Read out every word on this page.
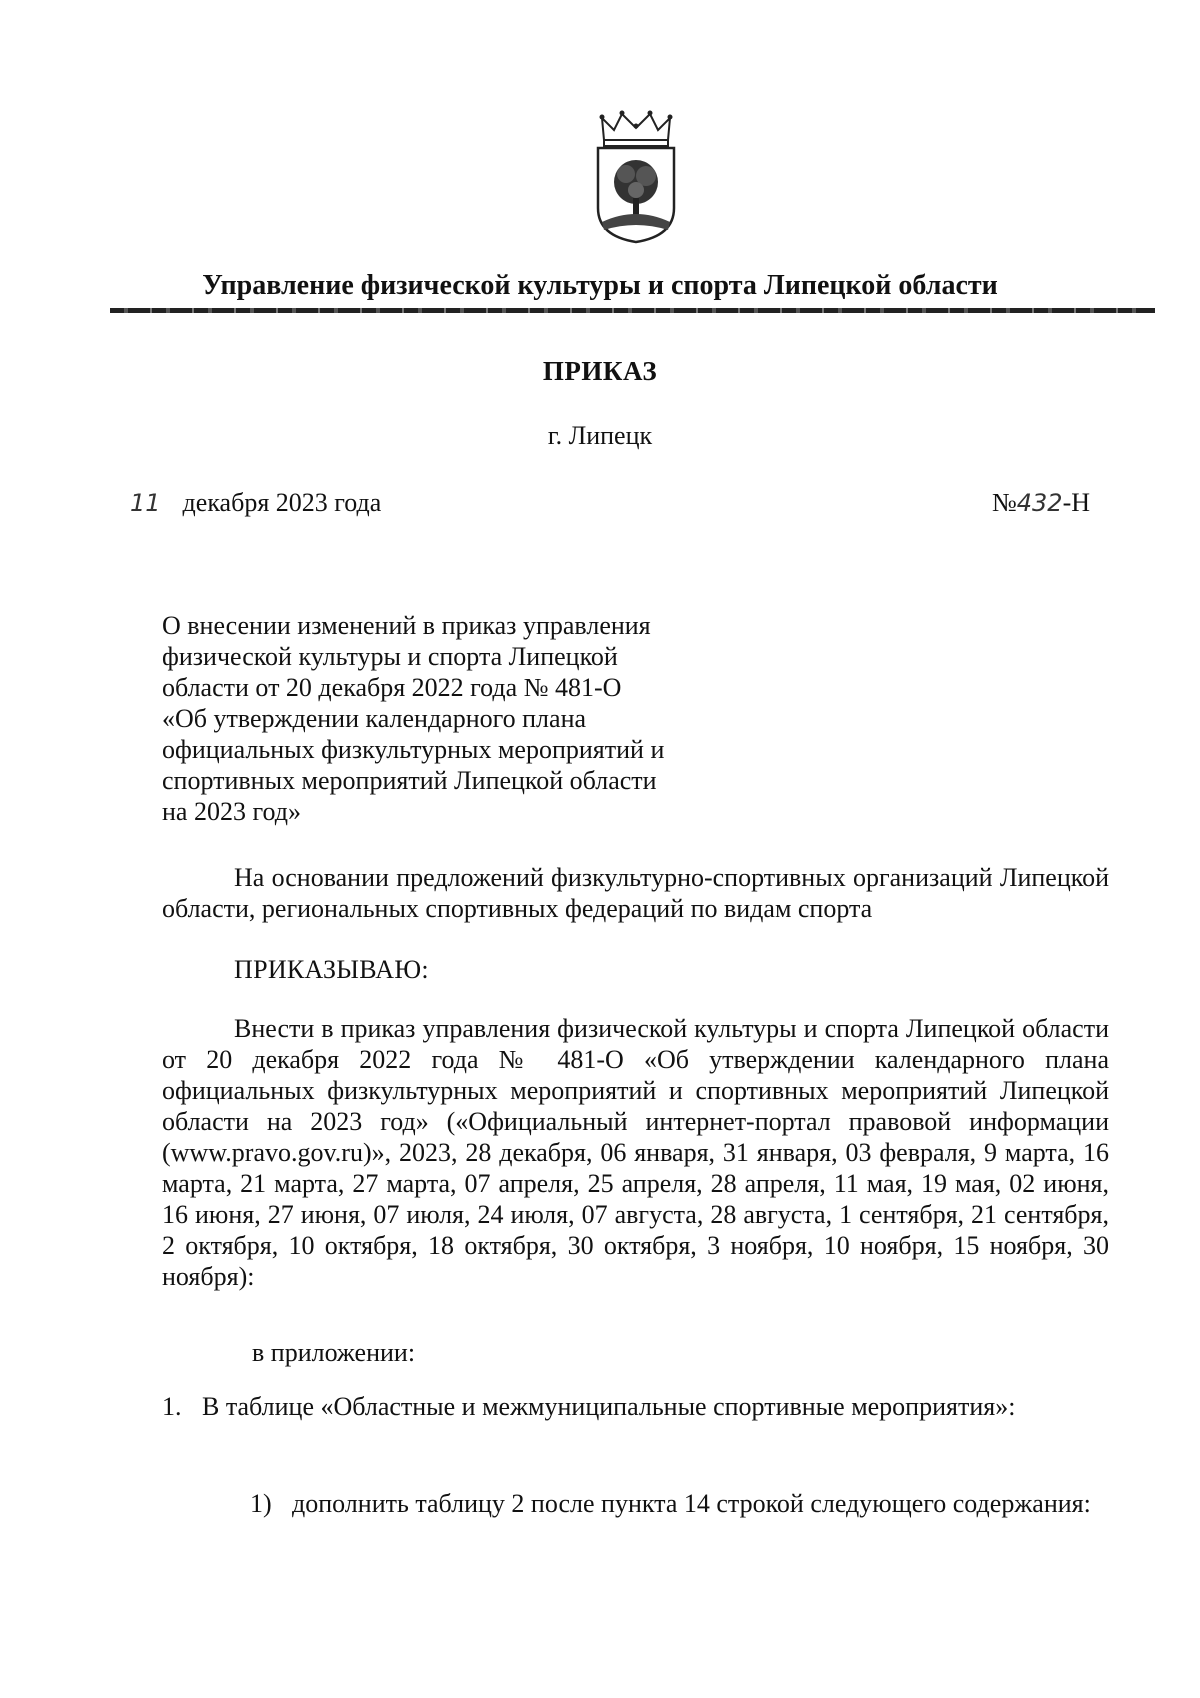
Управление физической культуры и спорта Липецкой области
ПРИКАЗ
г. Липецк
11 декабря 2023 года	№432-Н
О внесении изменений в приказ управления
физической культуры и спорта Липецкой
области от 20 декабря 2022 года № 481-О
«Об утверждении календарного плана
официальных физкультурных мероприятий и
спортивных мероприятий Липецкой области
на 2023 год»
На основании предложений физкультурно-спортивных организаций Липецкой области, региональных спортивных федераций по видам спорта
ПРИКАЗЫВАЮ:
Внести в приказ управления физической культуры и спорта Липецкой области от 20 декабря 2022 года № 481-О «Об утверждении календарного плана официальных физкультурных мероприятий и спортивных мероприятий Липецкой области на 2023 год» («Официальный интернет-портал правовой информации (www.pravo.gov.ru)», 2023, 28 декабря, 06 января, 31 января, 03 февраля, 9 марта, 16 марта, 21 марта, 27 марта, 07 апреля, 25 апреля, 28 апреля, 11 мая, 19 мая, 02 июня, 16 июня, 27 июня, 07 июля, 24 июля, 07 августа, 28 августа, 1 сентября, 21 сентября, 2 октября, 10 октября, 18 октября, 30 октября, 3 ноября, 10 ноября, 15 ноября, 30 ноября):
в приложении:
1. В таблице «Областные и межмуниципальные спортивные мероприятия»:
1) дополнить таблицу 2 после пункта 14 строкой следующего содержания:
